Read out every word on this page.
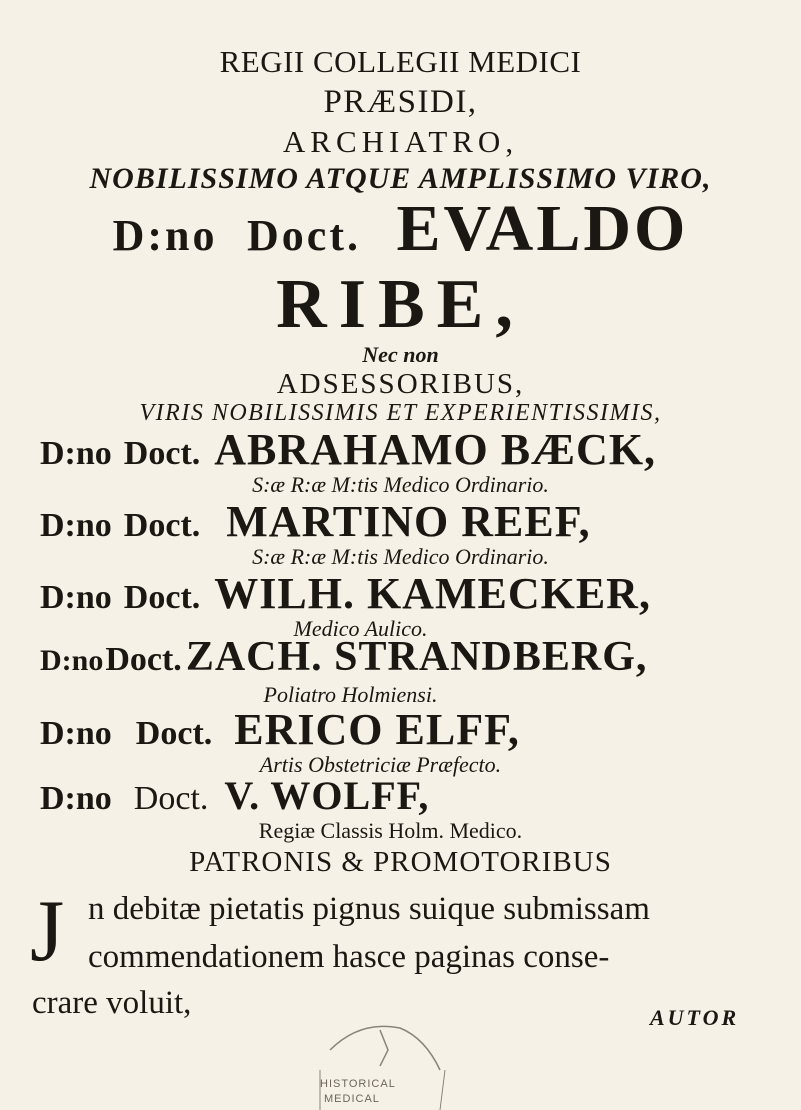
REGII COLLEGII MEDICI
PRÆSIDI,
ARCHIATRO,
NOBILISSIMO ATQUE AMPLISSIMO VIRO,
D:no Doct. EVALDO
RIBE,
Nec non
ADSESSORIBUS,
VIRIS NOBILISSIMIS ET EXPERIENTISSIMIS,
D:no Doct. ABRAHAMO BÆCK,
S:æ R:æ M:tis Medico Ordinario.
D:no Doct. MARTINO REEF,
S:æ R:æ M:tis Medico Ordinario.
D:no Doct. WILH. KAMECKER,
Medico Aulico.
D:noDoct.ZACH. STRANDBERG,
Poliatro Holmiensi.
D:no Doct. ERICO ELFF,
Artis Obstetriciæ Præfecto.
D:no Doct. V. WOLFF,
Regiæ Classis Holm. Medico.
PATRONIS & PROMOTORIBUS
J n debitæ pietatis pignus suique submissam
commendationem hasce paginas conse-
crare voluit,	AUTOR
HISTORICAL
MEDICAL
